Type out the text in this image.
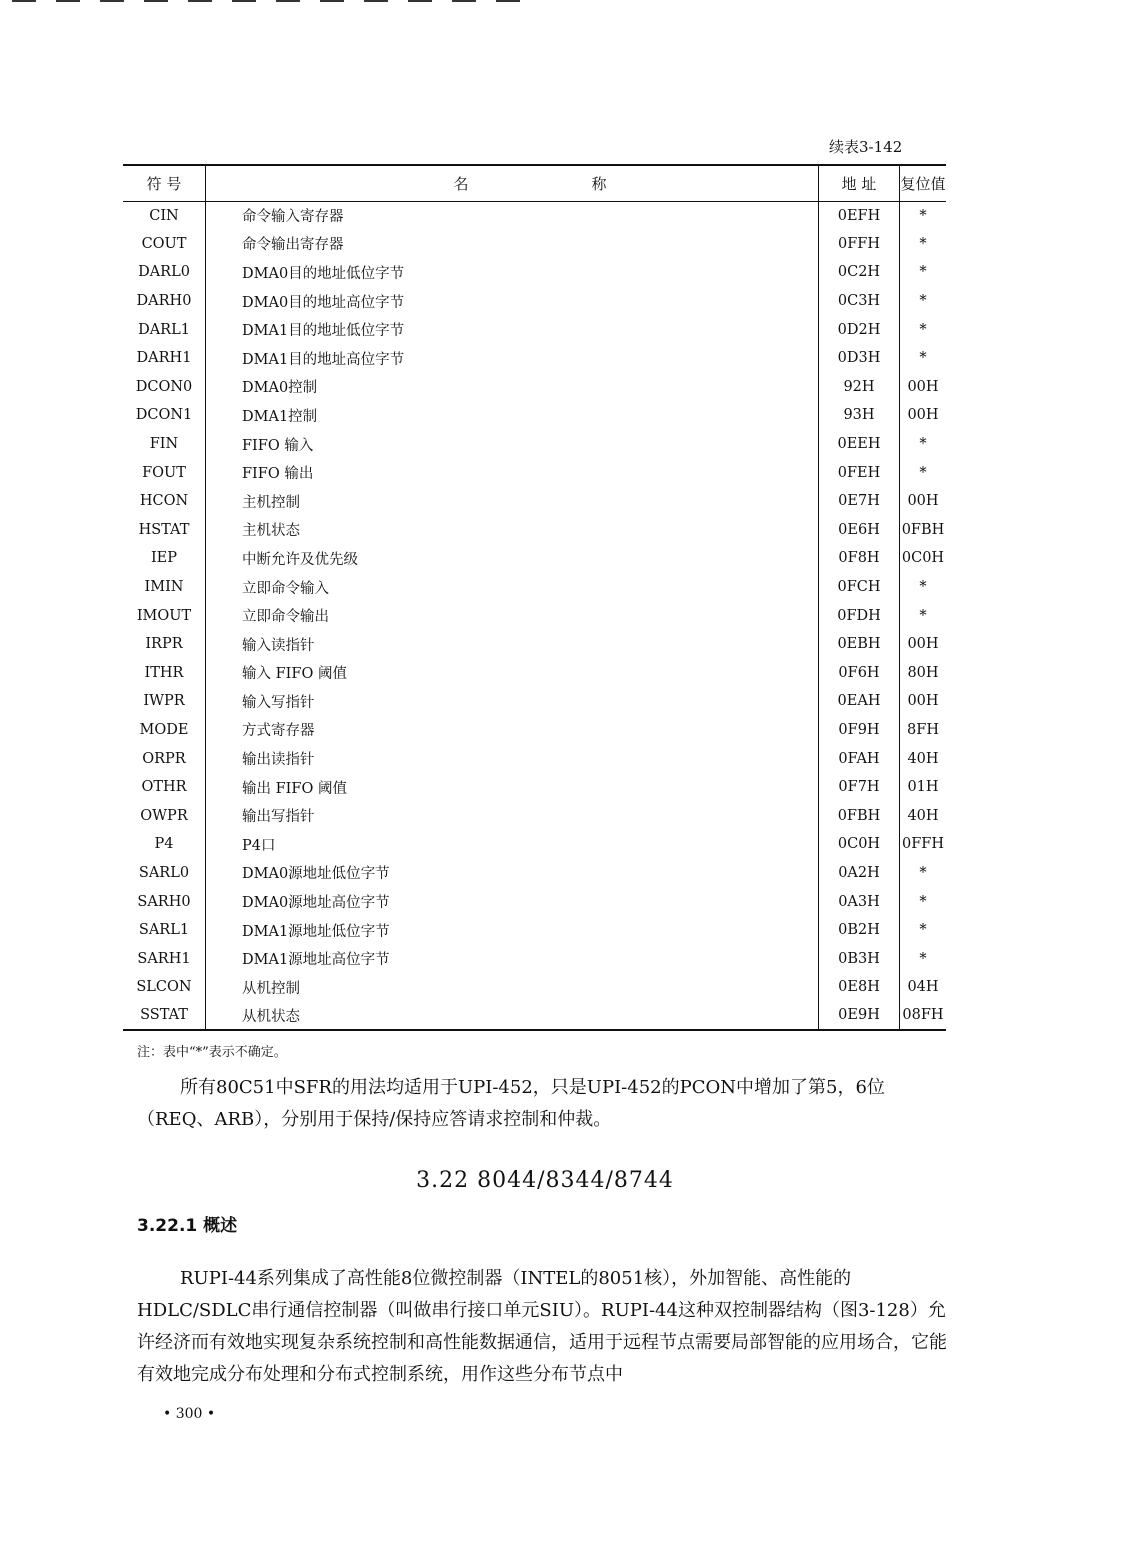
续表3-142
符 号	名 称	地 址	复位值
CIN	命令输入寄存器	0EFH	*
COUT	命令输出寄存器	0FFH	*
DARL0	DMA0目的地址低位字节	0C2H	*
DARH0	DMA0目的地址高位字节	0C3H	*
DARL1	DMA1目的地址低位字节	0D2H	*
DARH1	DMA1目的地址高位字节	0D3H	*
DCON0	DMA0控制	92H	00H
DCON1	DMA1控制	93H	00H
FIN	FIFO 输入	0EEH	*
FOUT	FIFO 输出	0FEH	*
HCON	主机控制	0E7H	00H
HSTAT	主机状态	0E6H	0FBH
IEP	中断允许及优先级	0F8H	0C0H
IMIN	立即命令输入	0FCH	*
IMOUT	立即命令输出	0FDH	*
IRPR	输入读指针	0EBH	00H
ITHR	输入 FIFO 阈值	0F6H	80H
IWPR	输入写指针	0EAH	00H
MODE	方式寄存器	0F9H	8FH
ORPR	输出读指针	0FAH	40H
OTHR	输出 FIFO 阈值	0F7H	01H
OWPR	输出写指针	0FBH	40H
P4	P4口	0C0H	0FFH
SARL0	DMA0源地址低位字节	0A2H	*
SARH0	DMA0源地址高位字节	0A3H	*
SARL1	DMA1源地址低位字节	0B2H	*
SARH1	DMA1源地址高位字节	0B3H	*
SLCON	从机控制	0E8H	04H
SSTAT	从机状态	0E9H	08FH
注：表中“*”表示不确定。

所有80C51中SFR的用法均适用于UPI-452，只是UPI-452的PCON中增加了第5，6位（REQ、ARB），分别用于保持/保持应答请求控制和仲裁。

3.22 8044/8344/8744
3.22.1 概述

RUPI-44系列集成了高性能8位微控制器（INTEL的8051核），外加智能、高性能的HDLC/SDLC串行通信控制器（叫做串行接口单元SIU）。RUPI-44这种双控制器结构（图3-128）允许经济而有效地实现复杂系统控制和高性能数据通信，适用于远程节点需要局部智能的应用场合，它能有效地完成分布处理和分布式控制系统，用作这些分布节点中

• 300 •
